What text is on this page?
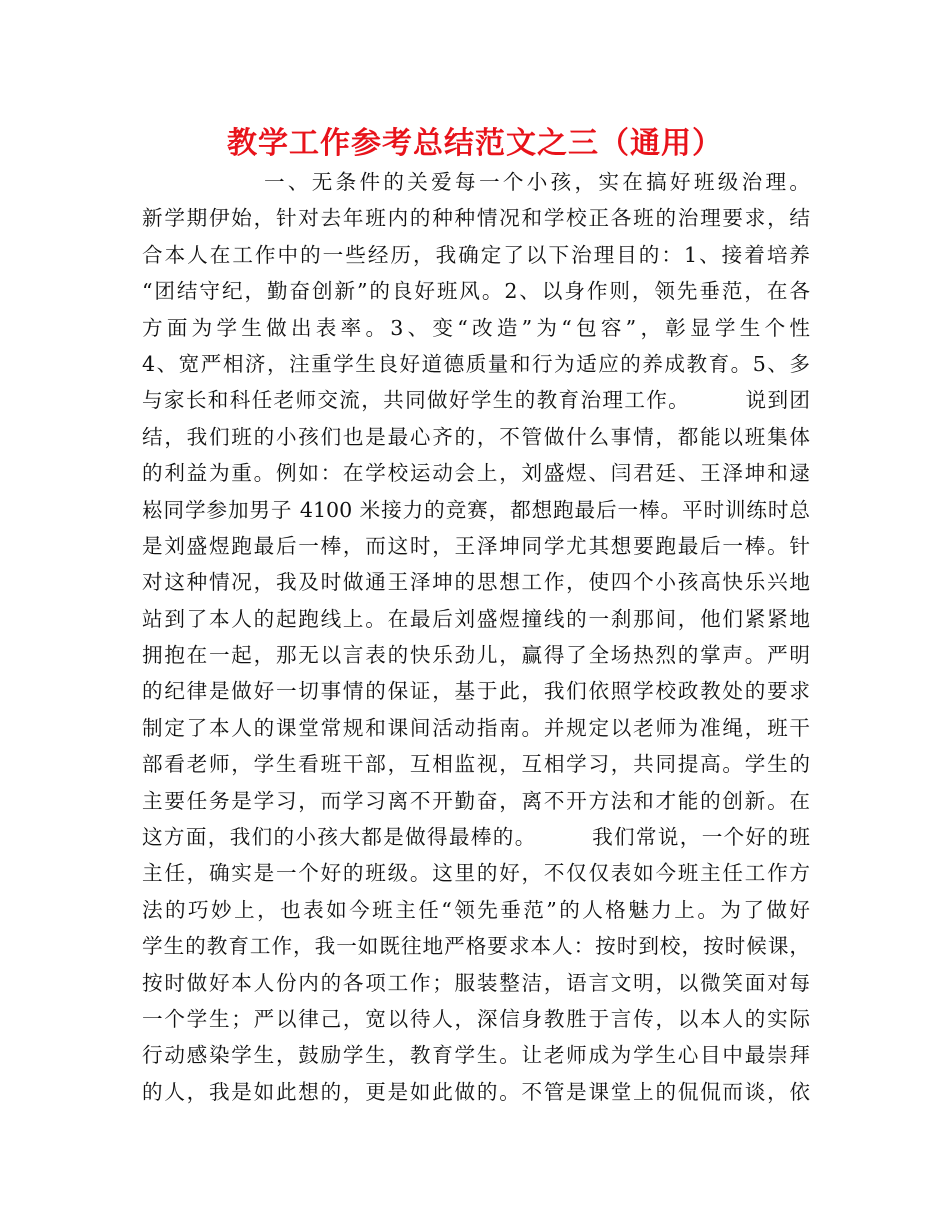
教学工作参考总结范文之三（通用）
一、无条件的关爱每一个小孩，实在搞好班级治理。
新学期伊始，针对去年班内的种种情况和学校正各班的治理要求，结
合本人在工作中的一些经历，我确定了以下治理目的：1、接着培养
“团结守纪，勤奋创新”的良好班风。2、以身作则，领先垂范，在各
方面为学生做出表率。3、变“改造”为“包容”，彰显学生个性
4、宽严相济，注重学生良好道德质量和行为适应的养成教育。5、多
与家长和科任老师交流，共同做好学生的教育治理工作。　　　说到团
结，我们班的小孩们也是最心齐的，不管做什么事情，都能以班集体
的利益为重。例如：在学校运动会上，刘盛煜、闫君廷、王泽坤和逯
崧同学参加男子 4100 米接力的竞赛，都想跑最后一棒。平时训练时总
是刘盛煜跑最后一棒，而这时，王泽坤同学尤其想要跑最后一棒。针
对这种情况，我及时做通王泽坤的思想工作，使四个小孩高快乐兴地
站到了本人的起跑线上。在最后刘盛煜撞线的一刹那间，他们紧紧地
拥抱在一起，那无以言表的快乐劲儿，赢得了全场热烈的掌声。严明
的纪律是做好一切事情的保证，基于此，我们依照学校政教处的要求
制定了本人的课堂常规和课间活动指南。并规定以老师为准绳，班干
部看老师，学生看班干部，互相监视，互相学习，共同提高。学生的
主要任务是学习，而学习离不开勤奋，离不开方法和才能的创新。在
这方面，我们的小孩大都是做得最棒的。　　　我们常说，一个好的班
主任，确实是一个好的班级。这里的好，不仅仅表如今班主任工作方
法的巧妙上，也表如今班主任“领先垂范”的人格魅力上。为了做好
学生的教育工作，我一如既往地严格要求本人：按时到校，按时候课，
按时做好本人份内的各项工作；服装整洁，语言文明，以微笑面对每
一个学生；严以律己，宽以待人，深信身教胜于言传，以本人的实际
行动感染学生，鼓励学生，教育学生。让老师成为学生心目中最崇拜
的人，我是如此想的，更是如此做的。不管是课堂上的侃侃而谈，依
